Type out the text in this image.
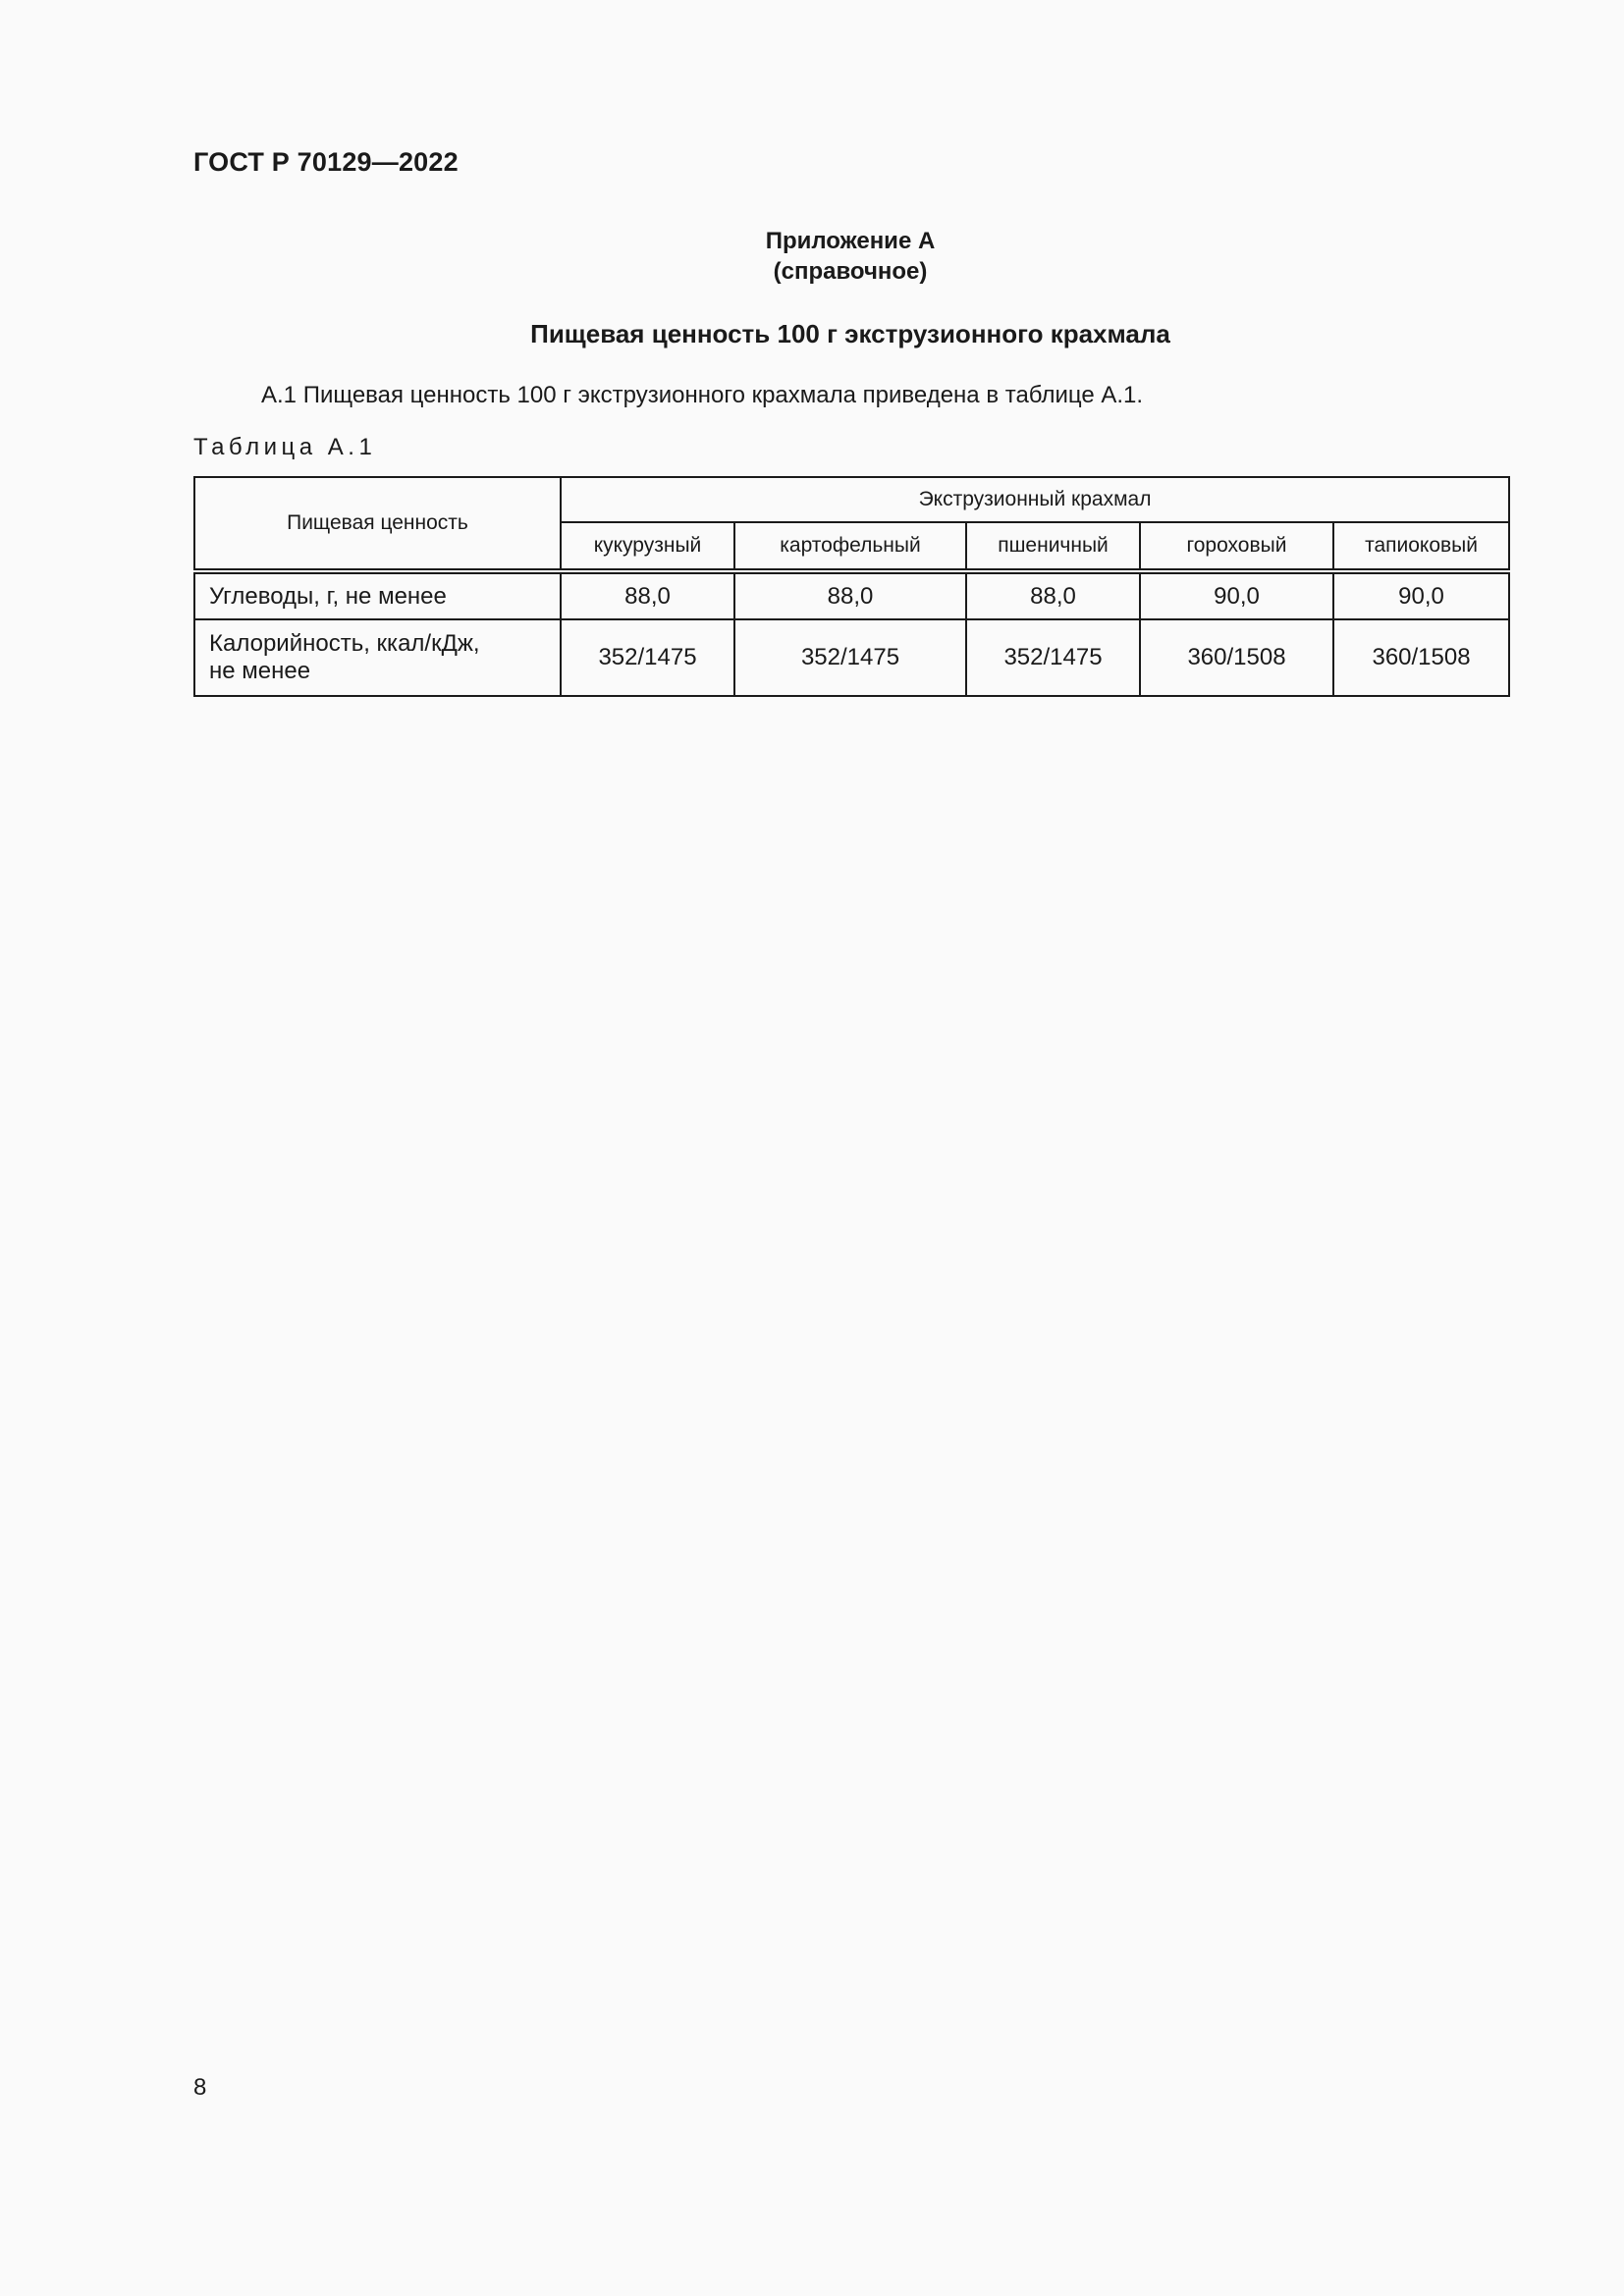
ГОСТ Р 70129—2022
Приложение А
(справочное)
Пищевая ценность 100 г экструзионного крахмала
А.1 Пищевая ценность 100 г экструзионного крахмала приведена в таблице А.1.
Таблица А.1
Пищевая ценность	Экструзионный крахмал				
	кукурузный	картофельный	пшеничный	гороховый	тапиоковый
Углеводы, г, не менее	88,0	88,0	88,0	90,0	90,0
Калорийность, ккал/кДж, не менее	352/1475	352/1475	352/1475	360/1508	360/1508
8
